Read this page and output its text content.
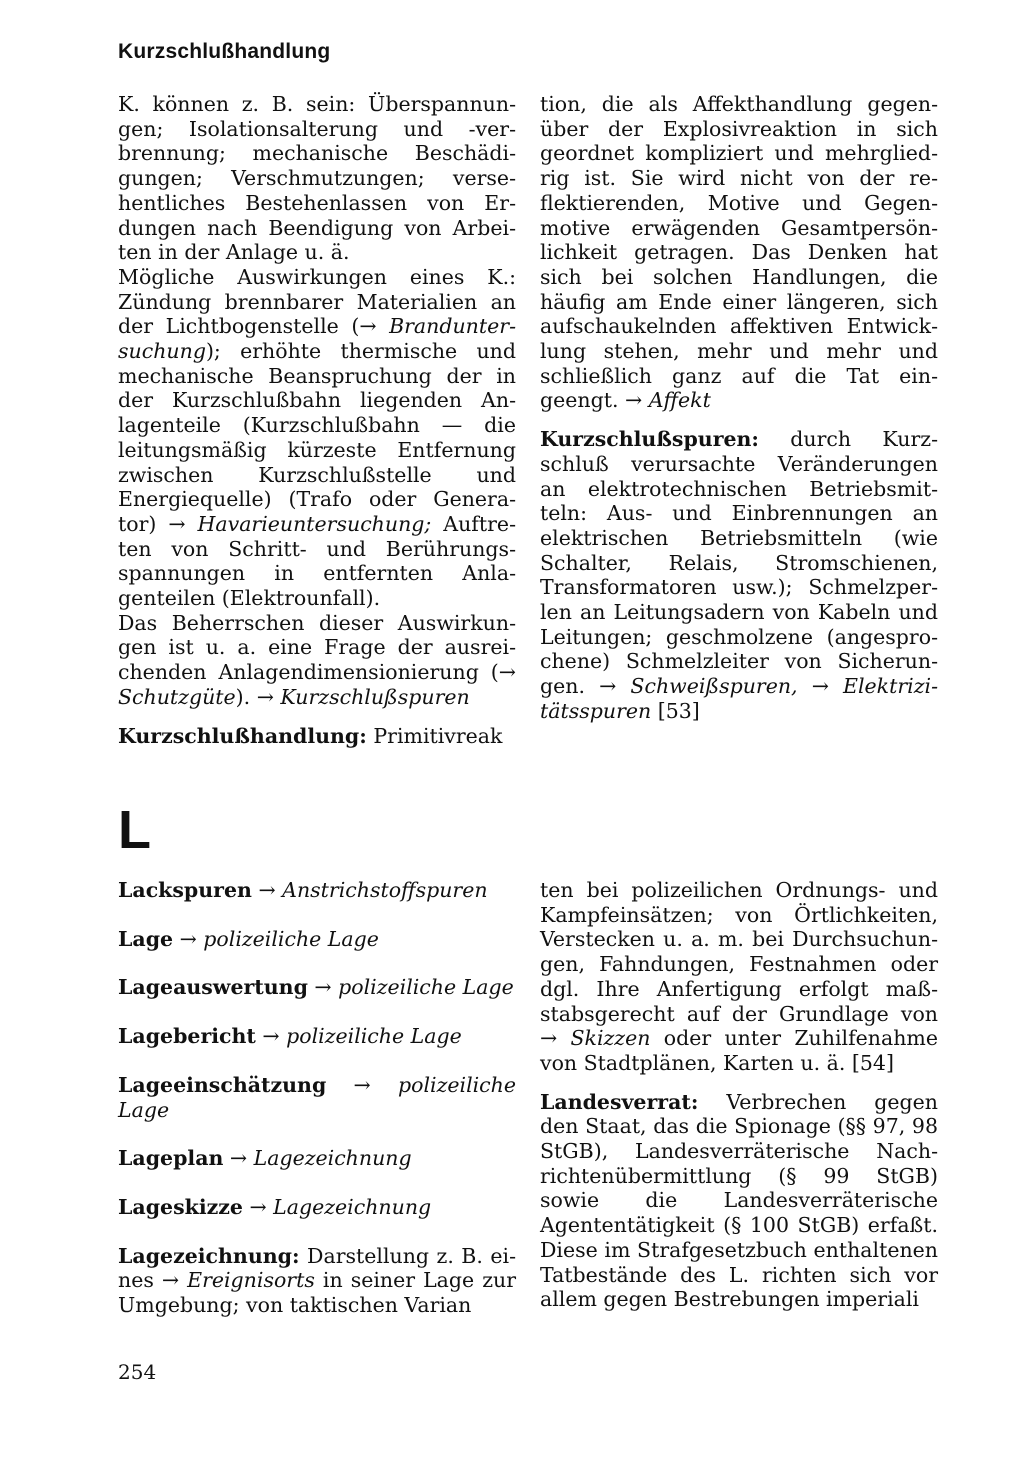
Kurzschlußhandlung

K. können z. B. sein: Überspannungen; Isolationsalterung und -verbrennung; mechanische Beschädigungen; Verschmutzungen; versehentliches Bestehenlassen von Erdungen nach Beendigung von Arbeiten in der Anlage u. ä.

Mögliche Auswirkungen eines K.: Zündung brennbarer Materialien an der Lichtbogenstelle (→ Branduntersuchung); erhöhte thermische und mechanische Beanspruchung der in der Kurzschlußbahn liegenden Anlagenteile (Kurzschlußbahn — die leitungsmäßig kürzeste Entfernung zwischen Kurzschlußstelle und Energiequelle) (Trafo oder Generator) → Havarieuntersuchung; Auftreten von Schritt- und Berührungsspannungen in entfernten Anlagenteilen (Elektrounfall).

Das Beherrschen dieser Auswirkungen ist u. a. eine Frage der ausreichenden Anlagendimensionierung (→ Schutzgüte). → Kurzschlußspuren

Kurzschlußhandlung: Primitivreak

tion, die als Affekthandlung gegenüber der Explosivreaktion in sich geordnet kompliziert und mehrgliedrig ist. Sie wird nicht von der reflektierenden, Motive und Gegenmotive erwägenden Gesamtpersönlichkeit getragen. Das Denken hat sich bei solchen Handlungen, die häufig am Ende einer längeren, sich aufschaukelnden affektiven Entwicklung stehen, mehr und mehr und schließlich ganz auf die Tat eingeengt. → Affekt

Kurzschlußspuren: durch Kurzschluß verursachte Veränderungen an elektrotechnischen Betriebsmitteln: Aus- und Einbrennungen an elektrischen Betriebsmitteln (wie Schalter, Relais, Stromschienen, Transformatoren usw.); Schmelzperlen an Leitungsadern von Kabeln und Leitungen; geschmolzene (angesprochene) Schmelzleiter von Sicherungen. → Schweißspuren, → Elektrizitätsspuren [53]

L

Lackspuren → Anstrichstoffspuren

Lage → polizeiliche Lage

Lageauswertung → polizeiliche Lage

Lagebericht → polizeiliche Lage

Lageeinschätzung → polizeiliche Lage

Lageplan → Lagezeichnung

Lageskizze → Lagezeichnung

Lagezeichnung: Darstellung z. B. eines → Ereignisorts in seiner Lage zur Umgebung; von taktischen Varian

ten bei polizeilichen Ordnungs- und Kampfeinsätzen; von Örtlichkeiten, Verstecken u. a. m. bei Durchsuchungen, Fahndungen, Festnahmen oder dgl. Ihre Anfertigung erfolgt maßstabsgerecht auf der Grundlage von → Skizzen oder unter Zuhilfenahme von Stadtplänen, Karten u. ä. [54]

Landesverrat: Verbrechen gegen den Staat, das die Spionage (§§ 97, 98 StGB), Landesverräterische Nachrichtenübermittlung (§ 99 StGB) sowie die Landesverräterische Agententätigkeit (§ 100 StGB) erfaßt. Diese im Strafgesetzbuch enthaltenen Tatbestände des L. richten sich vor allem gegen Bestrebungen imperiali

254
